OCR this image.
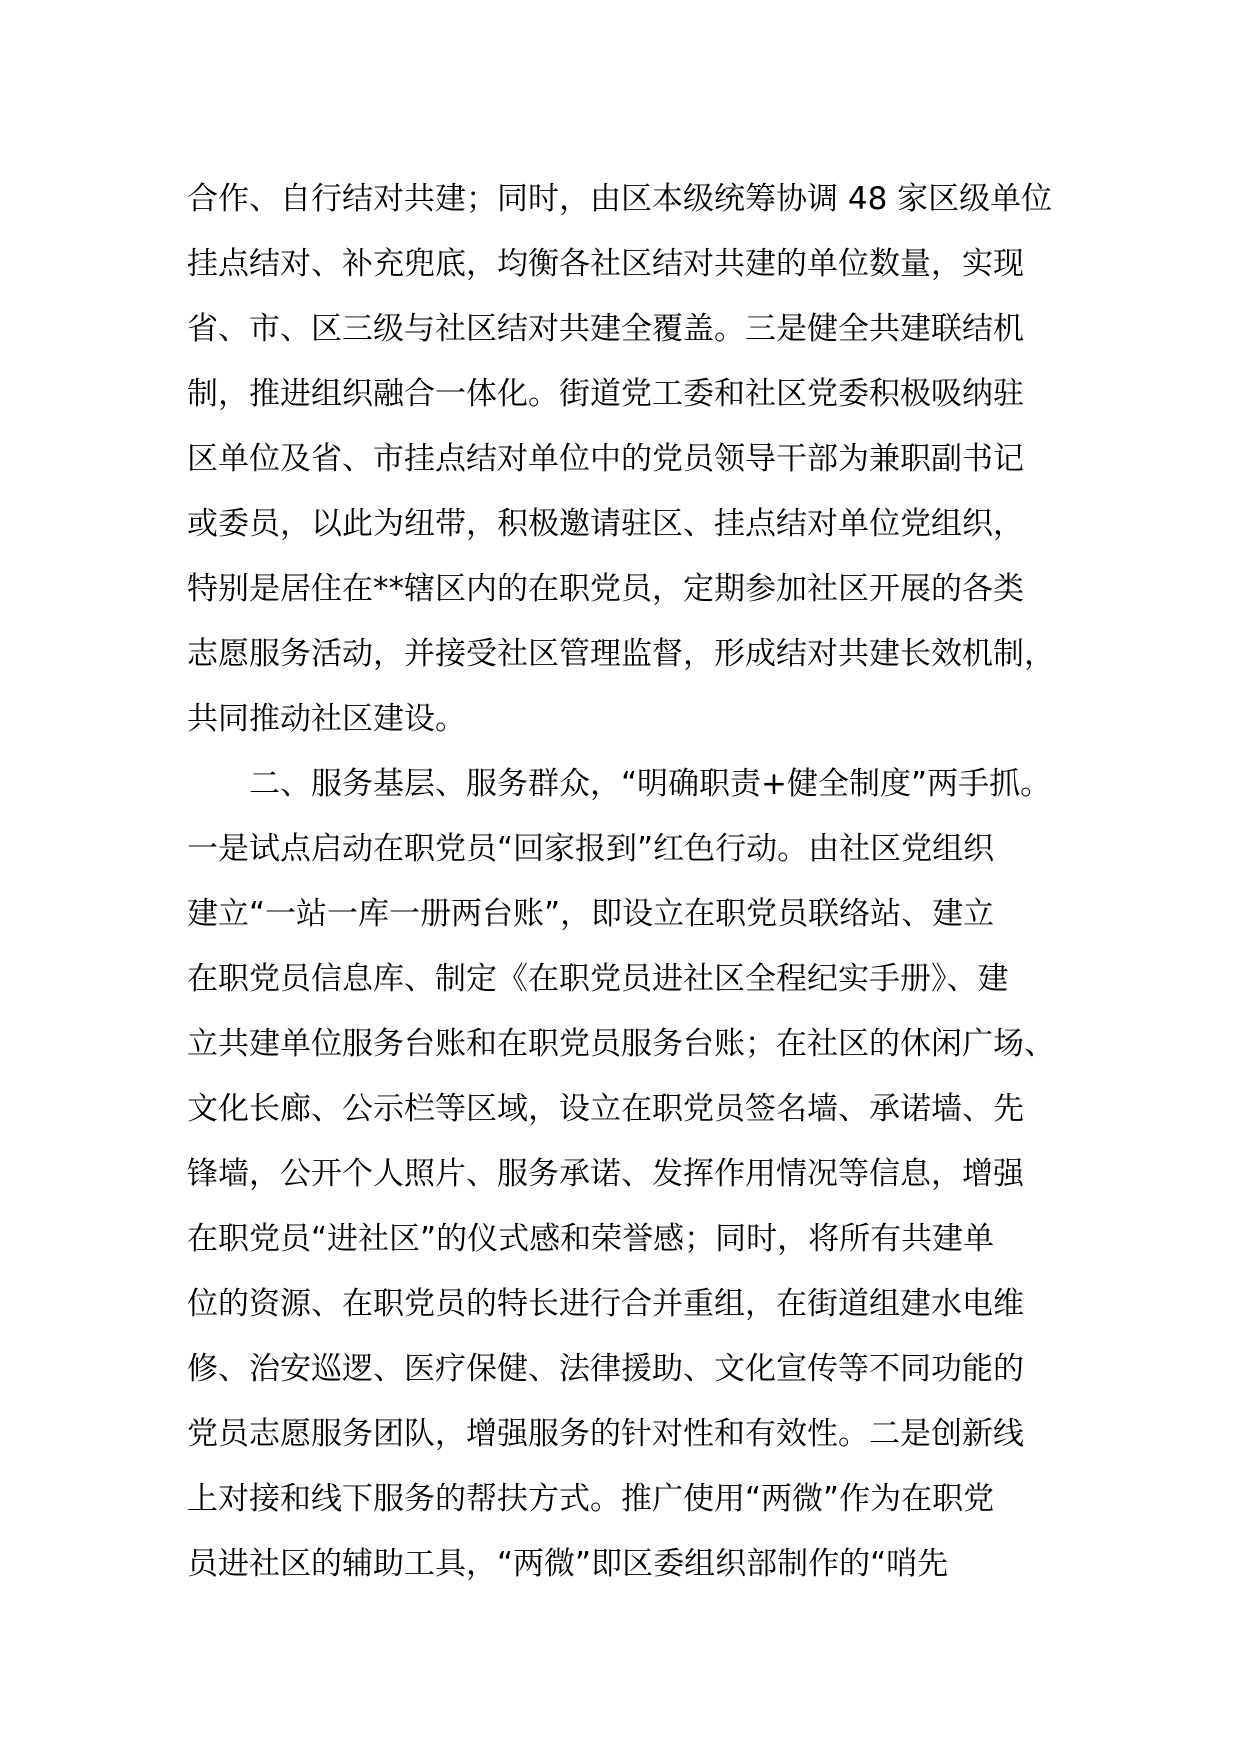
合作、自行结对共建；同时，由区本级统筹协调 48 家区级单位
挂点结对、补充兜底，均衡各社区结对共建的单位数量，实现
省、市、区三级与社区结对共建全覆盖。三是健全共建联结机
制，推进组织融合一体化。街道党工委和社区党委积极吸纳驻
区单位及省、市挂点结对单位中的党员领导干部为兼职副书记
或委员，以此为纽带，积极邀请驻区、挂点结对单位党组织，
特别是居住在**辖区内的在职党员，定期参加社区开展的各类
志愿服务活动，并接受社区管理监督，形成结对共建长效机制，
共同推动社区建设。
二、服务基层、服务群众，“明确职责+健全制度”两手抓。
一是试点启动在职党员“回家报到”红色行动。由社区党组织
建立“一站一库一册两台账”，即设立在职党员联络站、建立
在职党员信息库、制定《在职党员进社区全程纪实手册》、建
立共建单位服务台账和在职党员服务台账；在社区的休闲广场、
文化长廊、公示栏等区域，设立在职党员签名墙、承诺墙、先
锋墙，公开个人照片、服务承诺、发挥作用情况等信息，增强
在职党员“进社区”的仪式感和荣誉感；同时，将所有共建单
位的资源、在职党员的特长进行合并重组，在街道组建水电维
修、治安巡逻、医疗保健、法律援助、文化宣传等不同功能的
党员志愿服务团队，增强服务的针对性和有效性。二是创新线
上对接和线下服务的帮扶方式。推广使用“两微”作为在职党
员进社区的辅助工具，“两微”即区委组织部制作的“哨先
